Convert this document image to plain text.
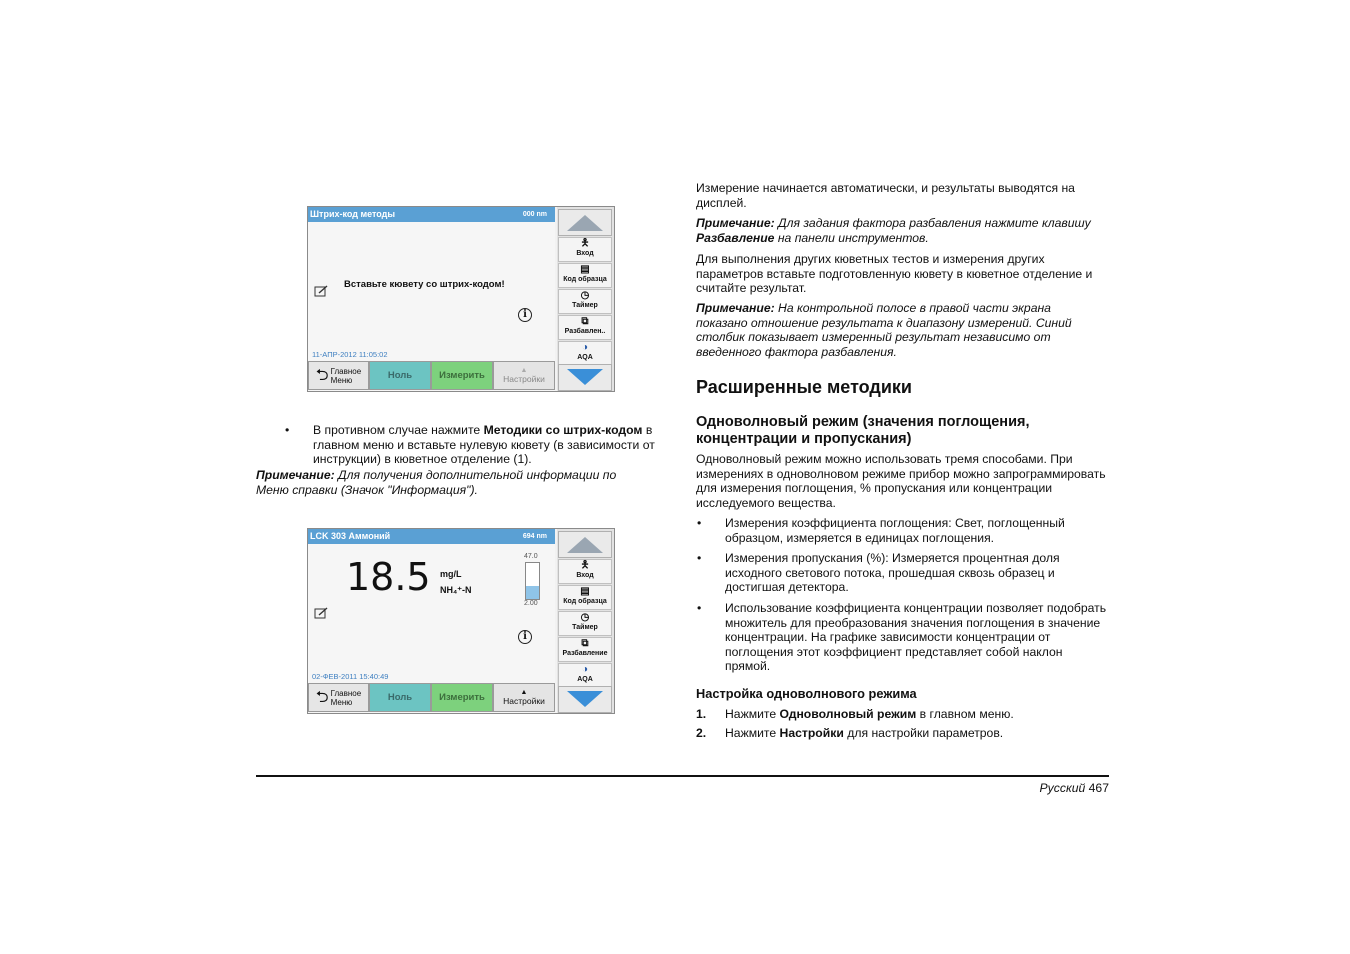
Штрих-код методы	000 nm
Вставьте кювету со штрих-кодом!
i
11-АПР-2012 11:05:02
⮌ Главное
Меню	Ноль	Измерить	▲
Настройки
🯅
Вход
▤
Код образца
◷
Таймер
⧉
Разбавлен..
◑
AQA
• В противном случае нажмите Методики со штрих-кодом в главном меню и вставьте нулевую кювету (в зависимости от инструкции) в кюветное отделение (1).

Примечание: Для получения дополнительной информации по Меню справки (Значок "Информация").

LCK 303 Аммоний	694 nm
18.5 mg/L
NH₄⁺-N
47.0
2.00
i
02-ФЕВ-2011 15:40:49
⮌ Главное
Меню	Ноль	Измерить	▲
Настройки
🯅
Вход
▤
Код образца
◷
Таймер
⧉
Разбавление
◑
AQA

Измерение начинается автоматически, и результаты выводятся на дисплей.

Примечание: Для задания фактора разбавления нажмите клавишу Разбавление на панели инструментов.

Для выполнения других кюветных тестов и измерения других параметров вставьте подготовленную кювету в кюветное отделение и считайте результат.

Примечание: На контрольной полосе в правой части экрана показано отношение результата к диапазону измерений. Синий столбик показывает измеренный результат независимо от введенного фактора разбавления.

Расширенные методики
Одноволновый режим (значения поглощения, концентрации и пропускания)

Одноволновый режим можно использовать тремя способами. При измерениях в одноволновом режиме прибор можно запрограммировать для измерения поглощения, % пропускания или концентрации исследуемого вещества.

• Измерения коэффициента поглощения: Свет, поглощенный образцом, измеряется в единицах поглощения.

• Измерения пропускания (%): Измеряется процентная доля исходного светового потока, прошедшая сквозь образец и достигшая детектора.

• Использование коэффициента концентрации позволяет подобрать множитель для преобразования значения поглощения в значение концентрации. На графике зависимости концентрации от поглощения этот коэффициент представляет собой наклон прямой.

Настройка одноволнового режима
1. Нажмите Одноволновый режим в главном меню.

2. Нажмите Настройки для настройки параметров.

Русский 467
